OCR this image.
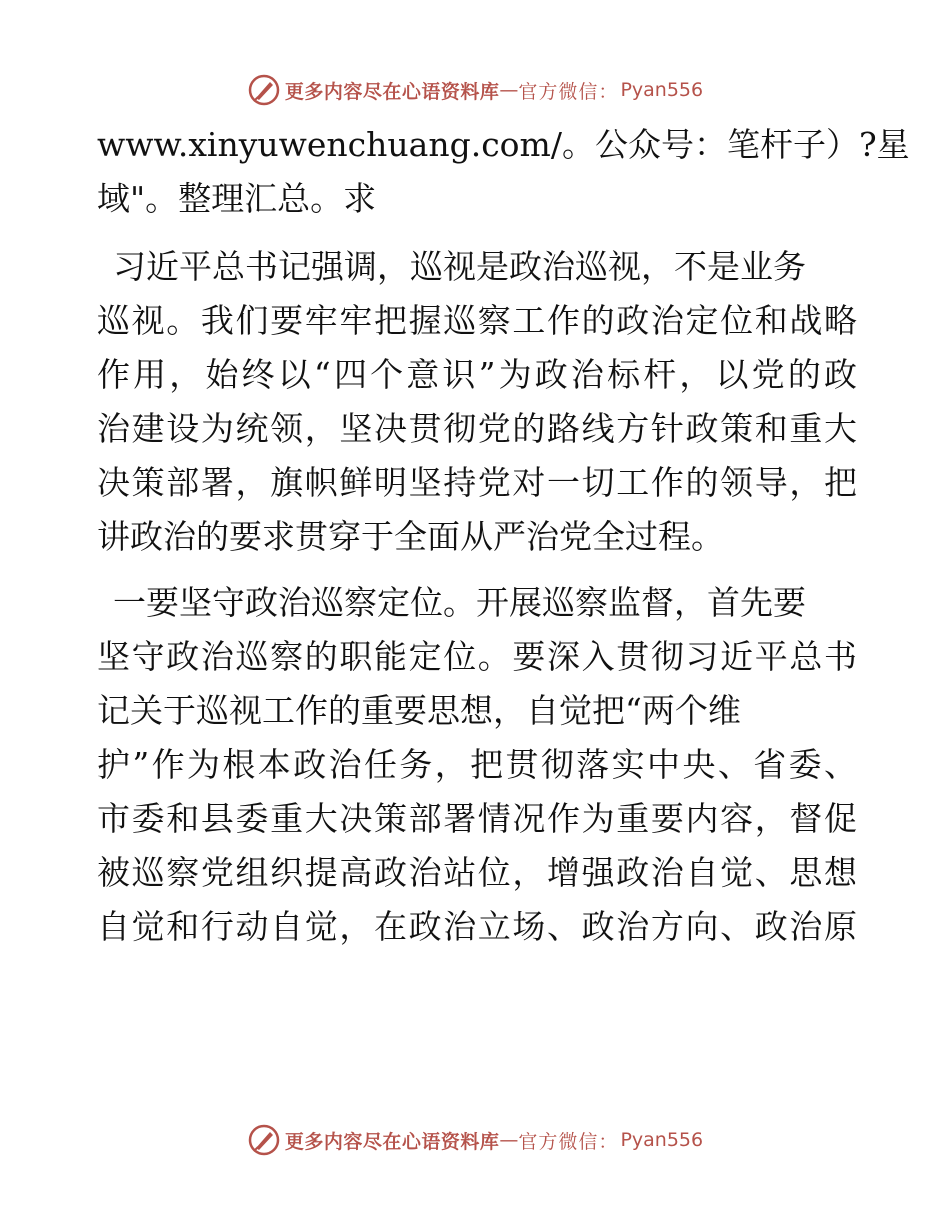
更多内容尽在心语资料库 — 官方微信： Pyan556
www.xinyuwenchuang.com/。公众号：笔杆子）?星
域"。整理汇总。求
习近平总书记强调，巡视是政治巡视，不是业务
巡视。我们要牢牢把握巡察工作的政治定位和战略
作用，始终以“四个意识”为政治标杆，以党的政
治建设为统领，坚决贯彻党的路线方针政策和重大
决策部署，旗帜鲜明坚持党对一切工作的领导，把
讲政治的要求贯穿于全面从严治党全过程。
一要坚守政治巡察定位。开展巡察监督，首先要
坚守政治巡察的职能定位。要深入贯彻习近平总书
记关于巡视工作的重要思想，自觉把“两个维
护”作为根本政治任务，把贯彻落实中央、省委、
市委和县委重大决策部署情况作为重要内容，督促
被巡察党组织提高政治站位，增强政治自觉、思想
自觉和行动自觉，在政治立场、政治方向、政治原
更多内容尽在心语资料库 — 官方微信： Pyan556
